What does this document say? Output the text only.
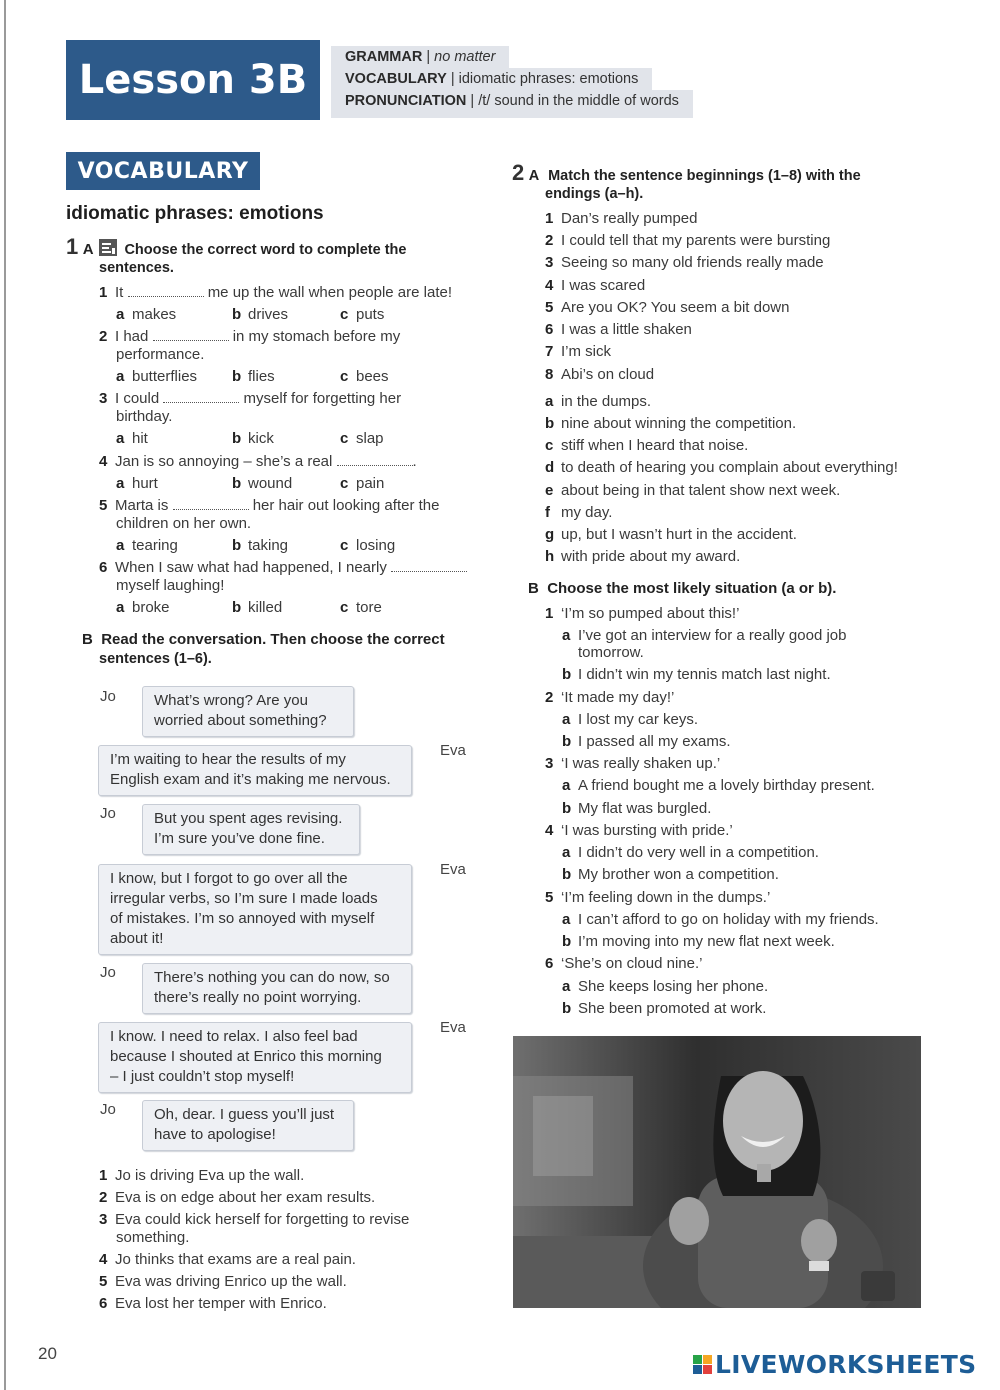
Lesson 3B	GRAMMAR | no matter
VOCABULARY | idiomatic phrases: emotions
PRONUNCIATION | /t/ sound in the middle of words
VOCABULARY
idiomatic phrases: emotions
1 A Choose the correct word to complete the
sentences.
1 It	me up the wall when people are late!
a makes	b drives	c puts
2 I had	in my stomach before my
performance.
a butterflies b flies	c bees
3 I could	myself for forgetting her
birthday.
a hit	b kick	c slap
4 Jan is so annoying – she’s a real	.
a hurt	b wound	c pain
5 Marta is	her hair out looking after the
children on her own.
a tearing	b taking	c losing
6 When I saw what had happened, I nearly
myself laughing!
a broke	b killed	c tore
B Read the conversation. Then choose the correct
sentences (1–6).
Jo	What’s wrong? Are you
worried about something?
Eva
I’m waiting to hear the results of my
English exam and it’s making me nervous.
Jo	But you spent ages revising.
I’m sure you’ve done fine.
Eva
I know, but I forgot to go over all the
irregular verbs, so I’m sure I made loads
of mistakes. I’m so annoyed with myself
about it!
Jo	There’s nothing you can do now, so
there’s really no point worrying.
Eva
I know. I need to relax. I also feel bad
because I shouted at Enrico this morning
– I just couldn’t stop myself!
Jo	Oh, dear. I guess you’ll just
have to apologise!
1 Jo is driving Eva up the wall.
2 Eva is on edge about her exam results.
3 Eva could kick herself for forgetting to revise
something.
4 Jo thinks that exams are a real pain.
5 Eva was driving Enrico up the wall.
6 Eva lost her temper with Enrico.
2 A Match the sentence beginnings (1–8) with the
endings (a–h).
1 Dan’s really pumped
2 I could tell that my parents were bursting
3 Seeing so many old friends really made
4 I was scared
5 Are you OK? You seem a bit down
6 I was a little shaken
7 I’m sick
8 Abi’s on cloud
a in the dumps.
b nine about winning the competition.
c stiff when I heard that noise.
d to death of hearing you complain about everything!
e about being in that talent show next week.
f my day.
g up, but I wasn’t hurt in the accident.
h with pride about my award.
B Choose the most likely situation (a or b).
1 ‘I’m so pumped about this!’
a I’ve got an interview for a really good job
tomorrow.
b I didn’t win my tennis match last night.
2 ‘It made my day!’
a I lost my car keys.
b I passed all my exams.
3 ‘I was really shaken up.’
a A friend bought me a lovely birthday present.
b My flat was burgled.
4 ‘I was bursting with pride.’
a I didn’t do very well in a competition.
b My brother won a competition.
5 ‘I’m feeling down in the dumps.’
a I can’t afford to go on holiday with my friends.
b I’m moving into my new flat next week.
6 ‘She’s on cloud nine.’
a She keeps losing her phone.
b She been promoted at work.
20	LIVEWORKSHEETS
